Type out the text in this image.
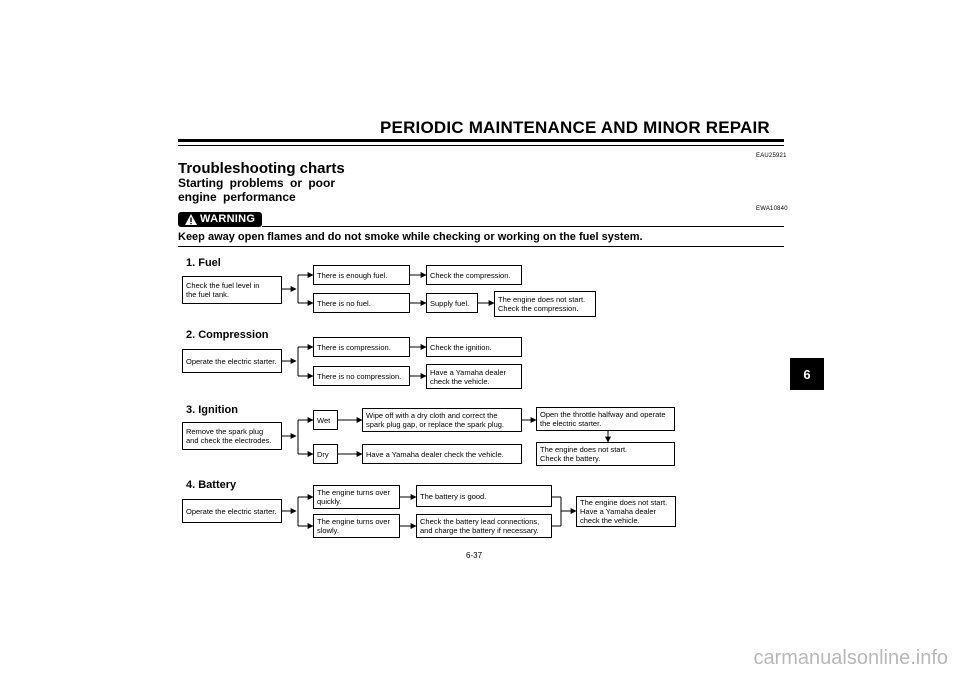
PERIODIC MAINTENANCE AND MINOR REPAIR
EAU25921
Troubleshooting charts
Starting problems or poor engine performance
EWA10840
WARNING
Keep away open flames and do not smoke while checking or working on the fuel system.
1. Fuel
Check the fuel level in
the fuel tank.
There is enough fuel.	Check the compression.
There is no fuel.	Supply fuel.	The engine does not start.
Check the compression.
2. Compression
Operate the electric starter.
There is compression.	Check the ignition.
There is no compression.	Have a Yamaha dealer
check the vehicle.
3. Ignition
Remove the spark plug
and check the electrodes.
Wet	Wipe off with a dry cloth and correct the
spark plug gap, or replace the spark plug.
Open the throttle halfway and operate
the electric starter.
Dry	Have a Yamaha dealer check the vehicle.	The engine does not start.
Check the battery.
4. Battery
Operate the electric starter.
The engine turns over
quickly.
The battery is good.
The engine turns over
slowly.
Check the battery lead connections,
and charge the battery if necessary.
The engine does not start.
Have a Yamaha dealer
check the vehicle.
6
6-37
carmanualsonline.info
